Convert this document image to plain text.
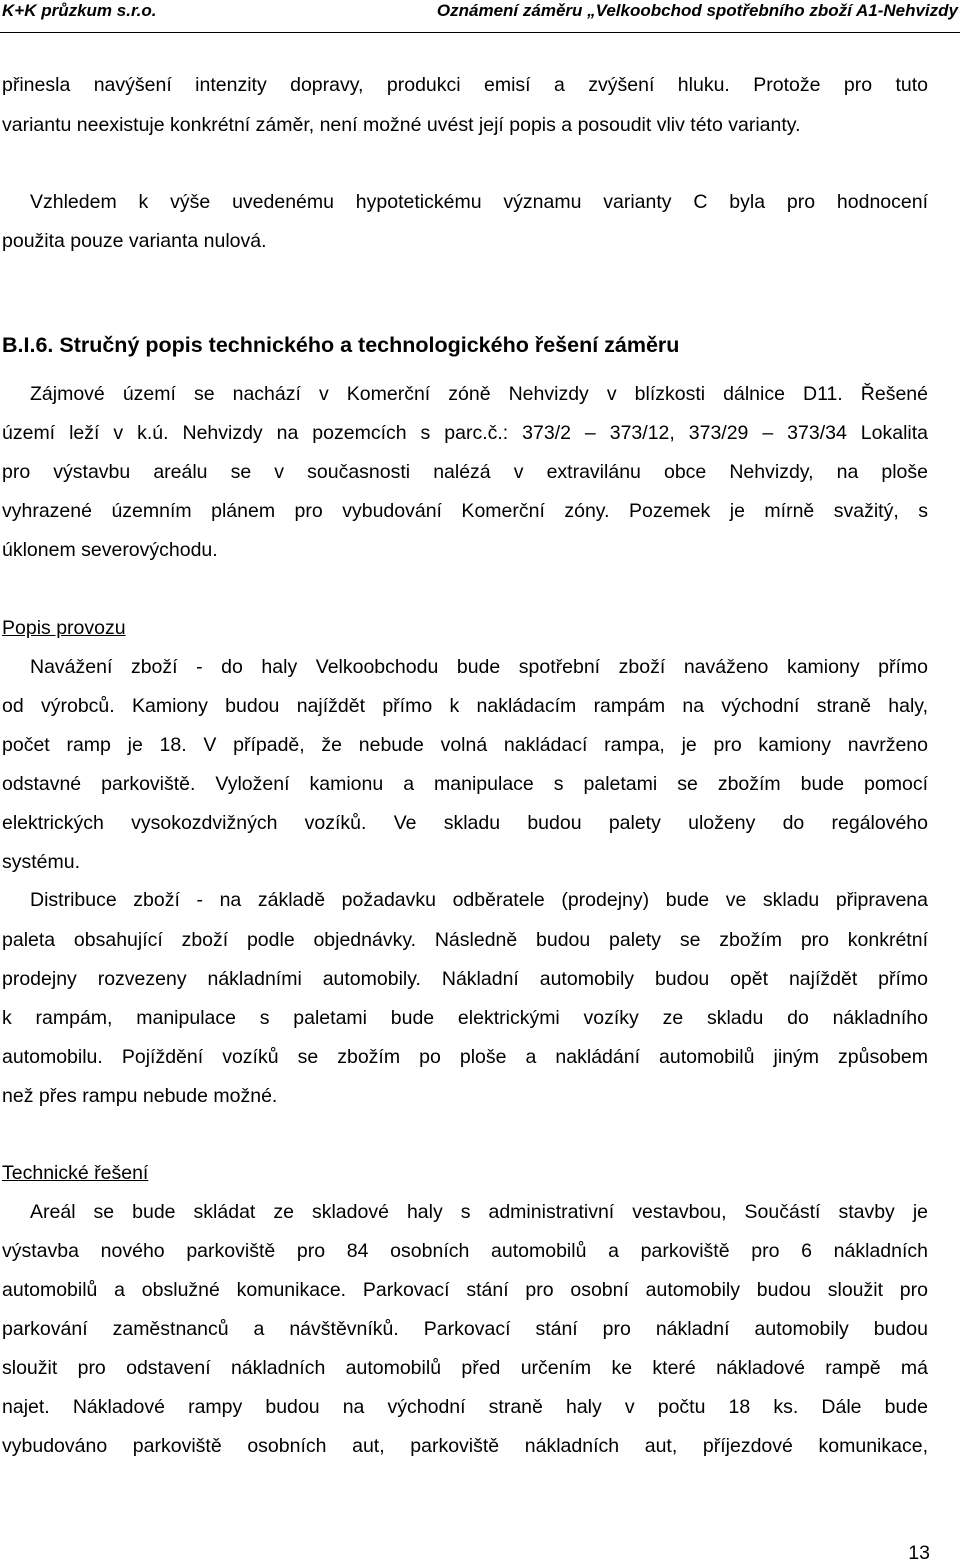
K+K průzkum s.r.o.	Oznámení záměru „Velkoobchod spotřebního zboží A1-Nehvizdy
přinesla navýšení intenzity dopravy, produkci emisí a zvýšení hluku. Protože pro tuto
variantu neexistuje konkrétní záměr, není možné uvést její popis a posoudit vliv této varianty.
Vzhledem k výše uvedenému hypotetickému významu varianty C byla pro hodnocení
použita pouze varianta nulová.
B.I.6. Stručný popis technického a technologického řešení záměru
Zájmové území se nachází v Komerční zóně Nehvizdy v blízkosti dálnice D11. Řešené
území leží v k.ú. Nehvizdy na pozemcích s parc.č.: 373/2 – 373/12, 373/29 – 373/34 Lokalita
pro výstavbu areálu se v současnosti nalézá v extravilánu obce Nehvizdy, na ploše
vyhrazené územním plánem pro vybudování Komerční zóny. Pozemek je mírně svažitý, s
úklonem severovýchodu.
Popis provozu
Navážení zboží - do haly Velkoobchodu bude spotřební zboží naváženo kamiony přímo
od výrobců. Kamiony budou najíždět přímo k nakládacím rampám na východní straně haly,
počet ramp je 18. V případě, že nebude volná nakládací rampa, je pro kamiony navrženo
odstavné parkoviště. Vyložení kamionu a manipulace s paletami se zbožím bude pomocí
elektrických vysokozdvižných vozíků. Ve skladu budou palety uloženy do regálového
systému.
Distribuce zboží - na základě požadavku odběratele (prodejny) bude ve skladu připravena
paleta obsahující zboží podle objednávky. Následně budou palety se zbožím pro konkrétní
prodejny rozvezeny nákladními automobily. Nákladní automobily budou opět najíždět přímo
k rampám, manipulace s paletami bude elektrickými vozíky ze skladu do nákladního
automobilu. Pojíždění vozíků se zbožím po ploše a nakládání automobilů jiným způsobem
než přes rampu nebude možné.
Technické řešení
Areál se bude skládat ze skladové haly s administrativní vestavbou, Součástí stavby je
výstavba nového parkoviště pro 84 osobních automobilů a parkoviště pro 6 nákladních
automobilů a obslužné komunikace. Parkovací stání pro osobní automobily budou sloužit pro
parkování zaměstnanců a návštěvníků. Parkovací stání pro nákladní automobily budou
sloužit pro odstavení nákladních automobilů před určením ke které nákladové rampě má
najet. Nákladové rampy budou na východní straně haly v počtu 18 ks. Dále bude
vybudováno parkoviště osobních aut, parkoviště nákladních aut, příjezdové komunikace,
13
